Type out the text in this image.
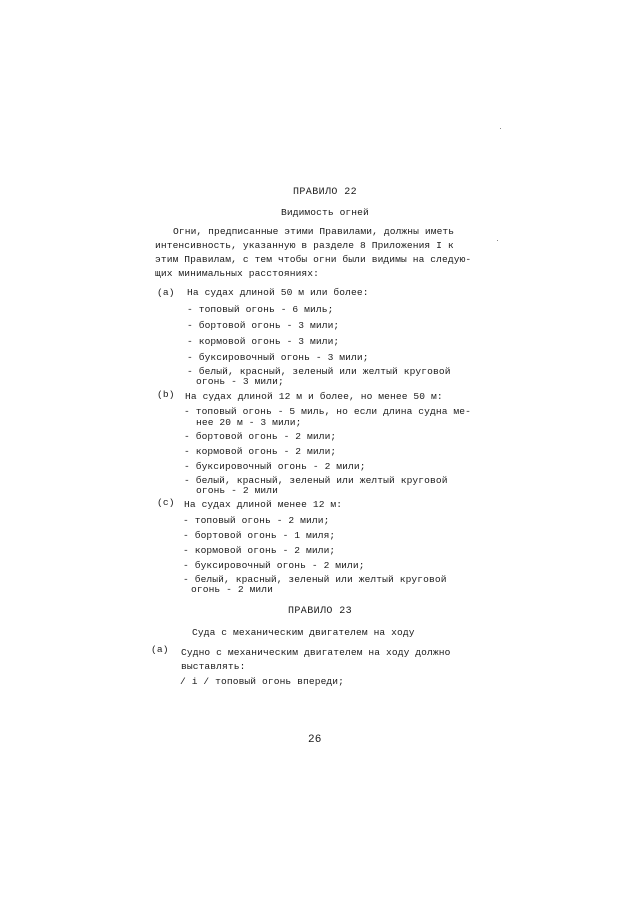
ПРАВИЛО 22
Видимость огней
Огни, предписанные этими Правилами, должны иметь
интенсивность, указанную в разделе 8 Приложения I к
этим Правилам, с тем чтобы огни были видимы на следую-
щих минимальных расстояниях:
(a) На судах длиной 50 м или более:
- топовый огонь - 6 миль;
- бортовой огонь - 3 мили;
- кормовой огонь - 3 мили;
- буксировочный огонь - 3 мили;
- белый, красный, зеленый или желтый круговой
огонь - 3 мили;
(b) На судах длиной 12 м и более, но менее 50 м:
- топовый огонь - 5 миль, но если длина судна ме-
нее 20 м - 3 мили;
- бортовой огонь - 2 мили;
- кормовой огонь - 2 мили;
- буксировочный огонь - 2 мили;
- белый, красный, зеленый или желтый круговой
огонь - 2 мили
(c) На судах длиной менее 12 м:
- топовый огонь - 2 мили;
- бортовой огонь - 1 миля;
- кормовой огонь - 2 мили;
- буксировочный огонь - 2 мили;
- белый, красный, зеленый или желтый круговой
огонь - 2 мили
ПРАВИЛО 23
Суда с механическим двигателем на ходу
(a) Судно с механическим двигателем на ходу должно
выставлять:
/ i / топовый огонь впереди;
26
